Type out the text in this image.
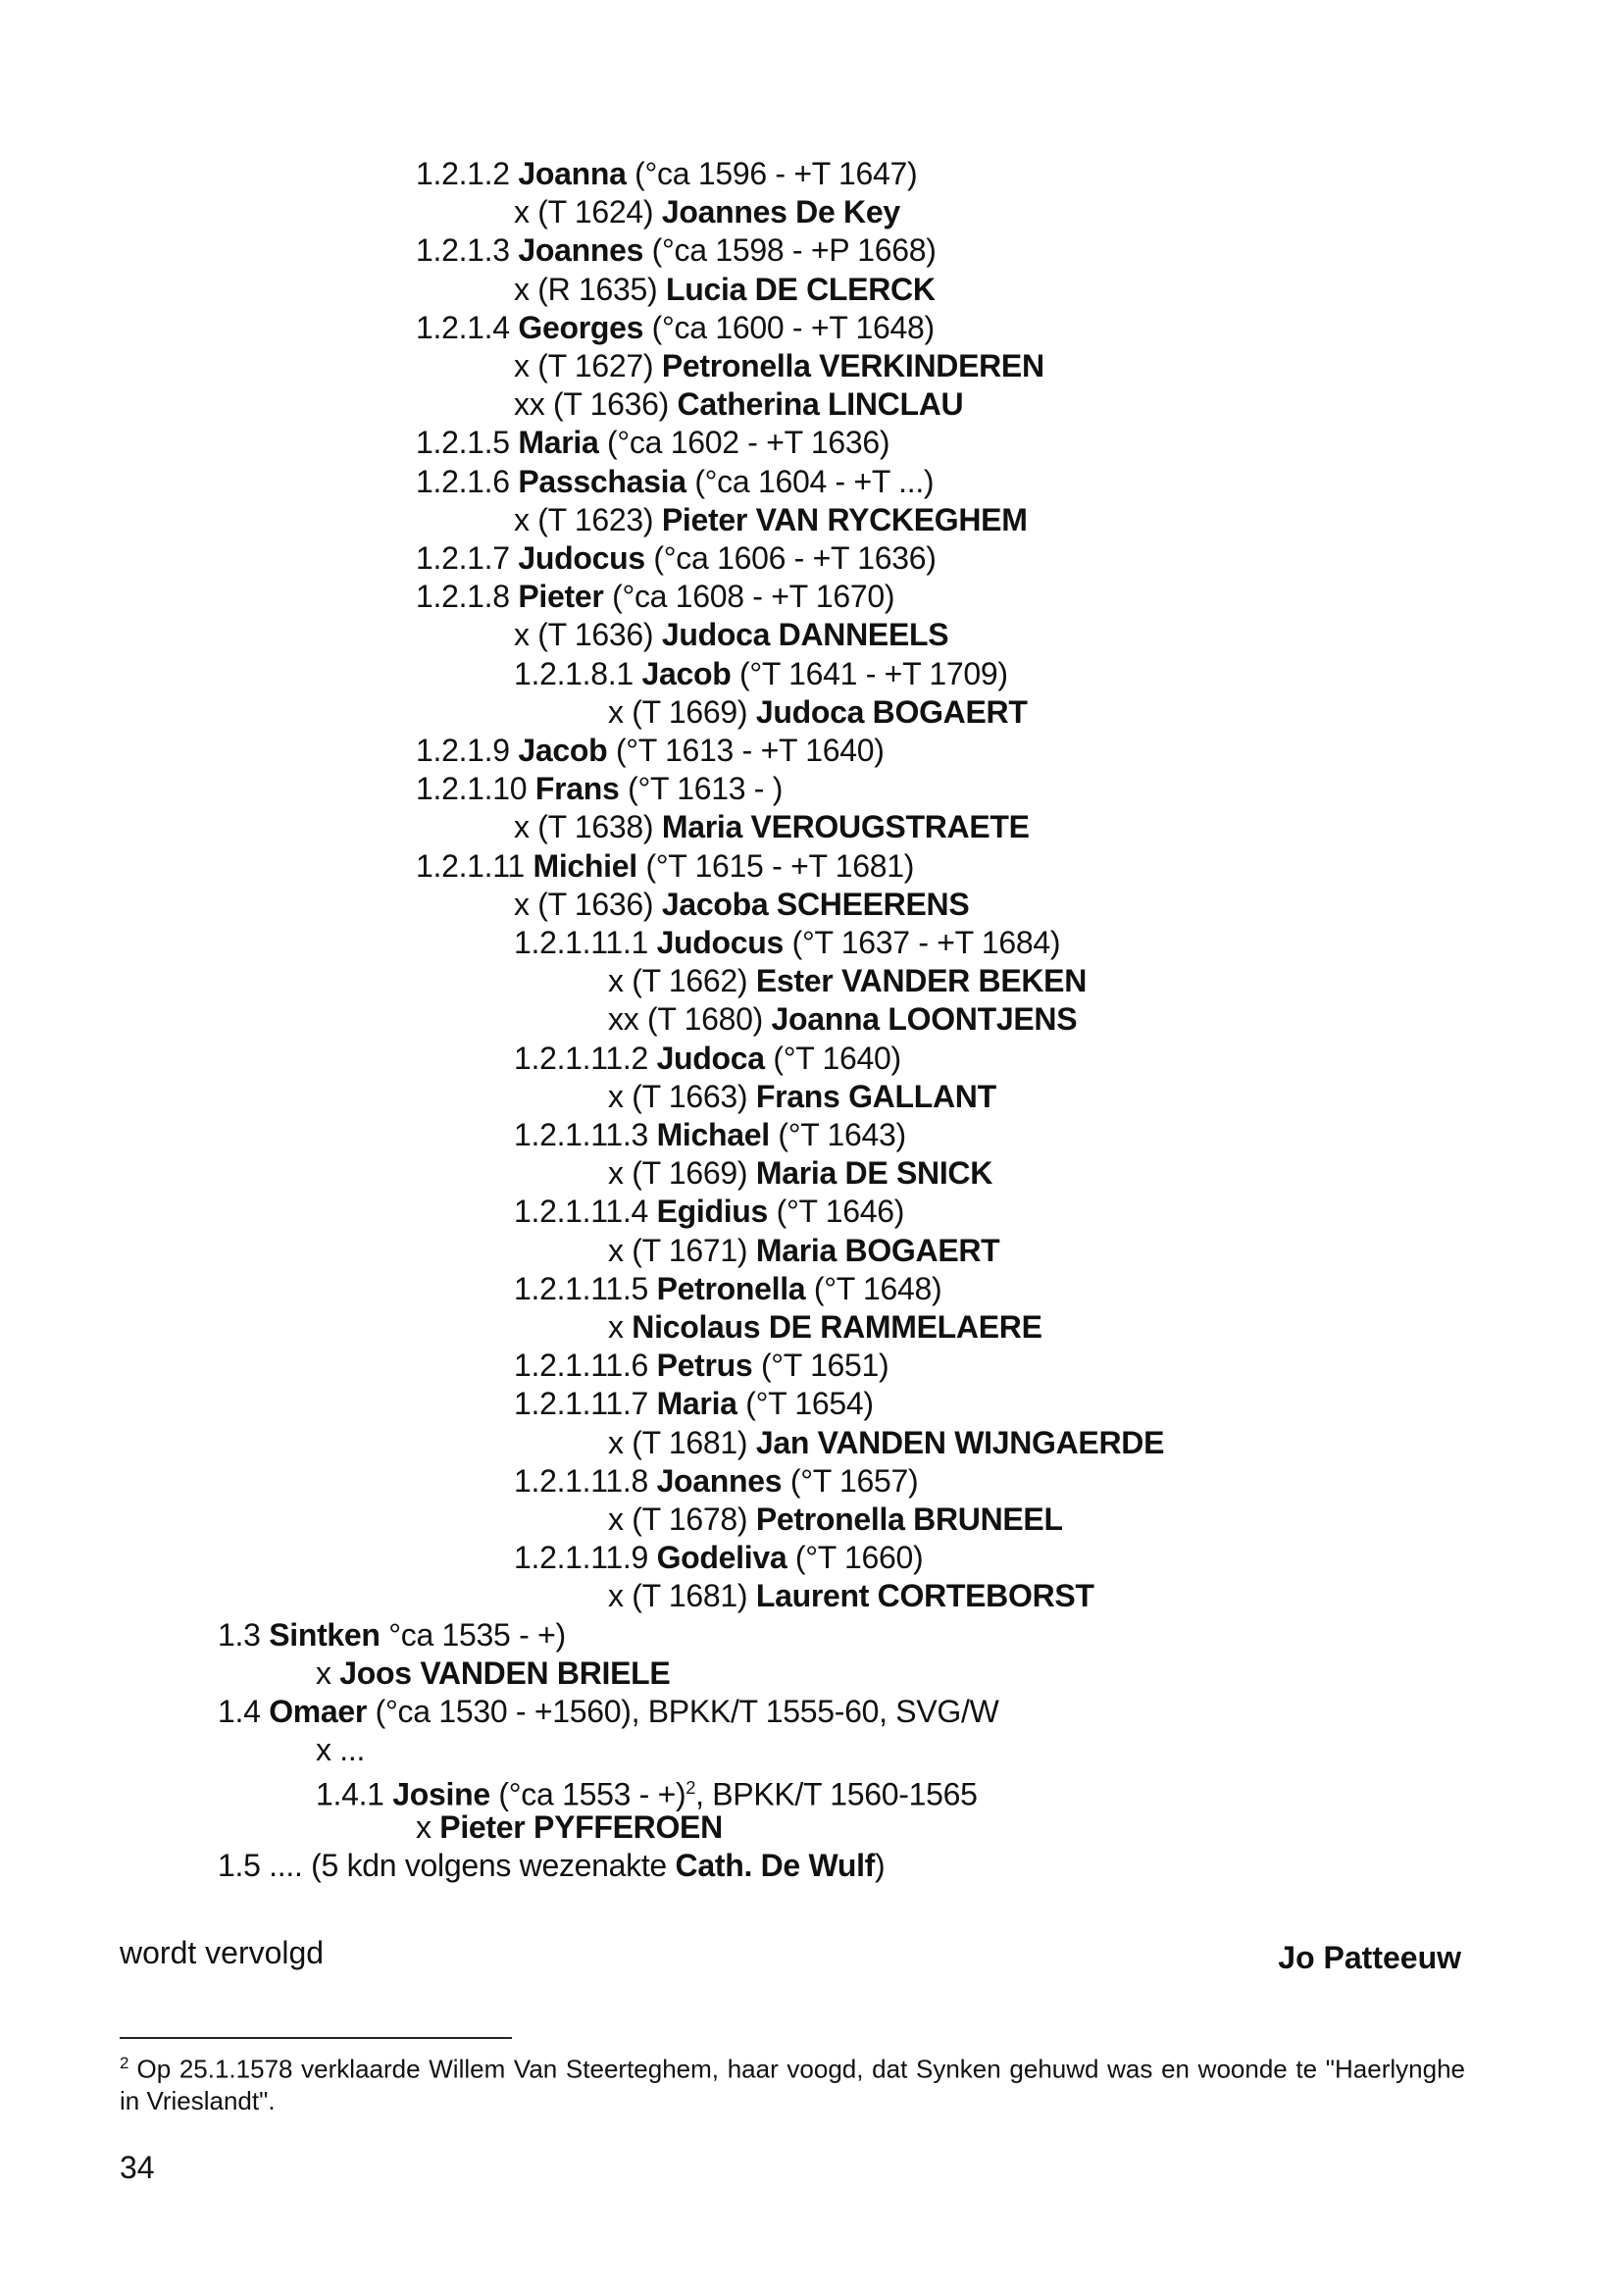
1.2.1.2 Joanna (°ca 1596 - +T 1647)
x (T 1624) Joannes De Key
1.2.1.3 Joannes (°ca 1598 - +P 1668)
x (R 1635) Lucia DE CLERCK
1.2.1.4 Georges (°ca 1600 - +T 1648)
x (T 1627) Petronella VERKINDEREN
xx (T 1636) Catherina LINCLAU
1.2.1.5 Maria (°ca 1602 - +T 1636)
1.2.1.6 Passchasia (°ca 1604 - +T ...)
x (T 1623) Pieter VAN RYCKEGHEM
1.2.1.7 Judocus (°ca 1606 - +T 1636)
1.2.1.8 Pieter (°ca 1608 - +T 1670)
x (T 1636) Judoca DANNEELS
1.2.1.8.1 Jacob (°T 1641 - +T 1709)
x (T 1669) Judoca BOGAERT
1.2.1.9 Jacob (°T 1613 - +T 1640)
1.2.1.10 Frans (°T 1613 - )
x (T 1638) Maria VEROUGSTRAETE
1.2.1.11 Michiel (°T 1615 - +T 1681)
x (T 1636) Jacoba SCHEERENS
1.2.1.11.1 Judocus (°T 1637 - +T 1684)
x (T 1662) Ester VANDER BEKEN
xx (T 1680) Joanna LOONTJENS
1.2.1.11.2 Judoca (°T 1640)
x (T 1663) Frans GALLANT
1.2.1.11.3 Michael (°T 1643)
x (T 1669) Maria DE SNICK
1.2.1.11.4 Egidius (°T 1646)
x (T 1671) Maria BOGAERT
1.2.1.11.5 Petronella (°T 1648)
x Nicolaus DE RAMMELAERE
1.2.1.11.6 Petrus (°T 1651)
1.2.1.11.7 Maria (°T 1654)
x (T 1681) Jan VANDEN WIJNGAERDE
1.2.1.11.8 Joannes (°T 1657)
x (T 1678) Petronella BRUNEEL
1.2.1.11.9 Godeliva (°T 1660)
x (T 1681) Laurent CORTEBORST
1.3 Sintken °ca 1535 - +)
x Joos VANDEN BRIELE
1.4 Omaer (°ca 1530 - +1560), BPKK/T 1555-60, SVG/W
x ...
1.4.1 Josine (°ca 1553 - +)$^2$, BPKK/T 1560-1565
x Pieter PYFFEROEN
1.5 .... (5 kdn volgens wezenakte Cath. De Wulf)
wordt vervolgd	Jo Patteeuw
$^2$ Op 25.1.1578 verklaarde Willem Van Steerteghem, haar voogd, dat Synken gehuwd was en woonde te "Haerlynghe in Vrieslandt".
34
